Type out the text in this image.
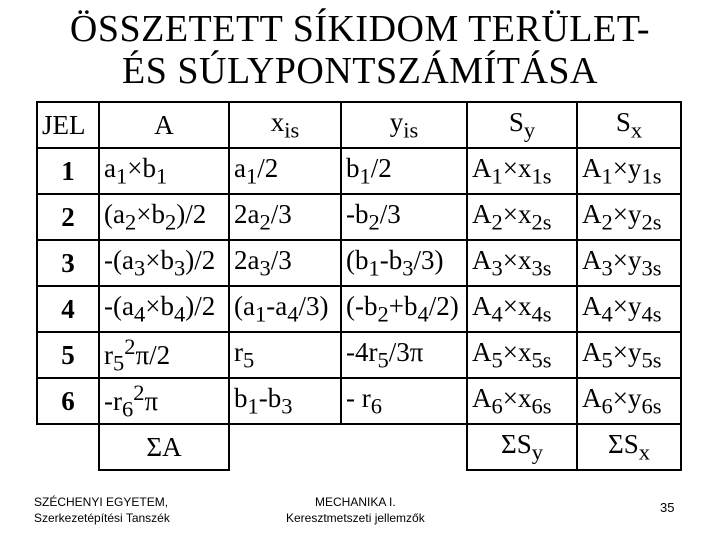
ÖSSZETETT SÍKIDOM TERÜLET-
ÉS SÚLYPONTSZÁMÍTÁSA
JEL	A	$x_{is}$	$y_{is}$	$S_y$	$S_x$
1	$a_1\times b_1$	$a_1/2$	$b_1/2$	$A_1\times x_{1s}$	$A_1\times y_{1s}$
2	$(a_2\times b_2)/2$	$2a_2/3$	$-b_2/3$	$A_2\times x_{2s}$	$A_2\times y_{2s}$
3	$-(a_3\times b_3)/2$	$2a_3/3$	$(b_1-b_3/3)$	$A_3\times x_{3s}$	$A_3\times y_{3s}$
4	$-(a_4\times b_4)/2$	$(a_1-a_4/3)$	$(-b_2+b_4/2)$	$A_4\times x_{4s}$	$A_4\times y_{4s}$
5	$r_5^2\pi/2$	$r_5$	$-4r_5/3\pi$	$A_5\times x_{5s}$	$A_5\times y_{5s}$
6	$-r_6^2\pi$	$b_1-b_3$	- $r_6$	$A_6\times x_{6s}$	$A_6\times y_{6s}$
	ΣA			$\Sigma S_y$	$\Sigma S_x$
SZÉCHENYI EGYETEM,
Szerkezetépítési Tanszék
MECHANIKA I.
Keresztmetszeti jellemzők
35
